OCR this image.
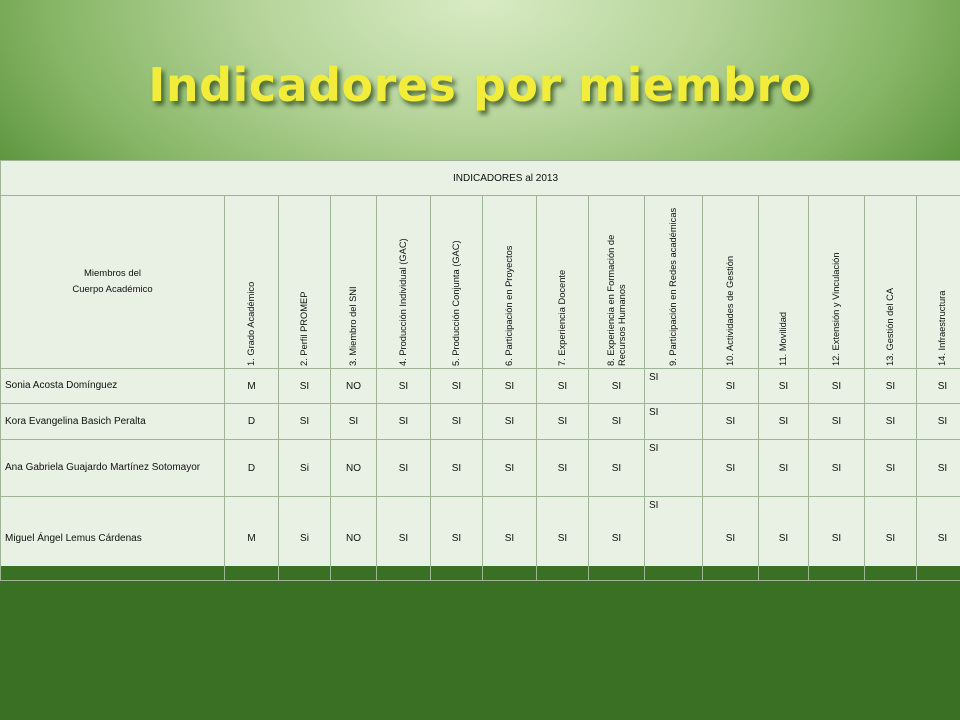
Indicadores por miembro
INDICADORES al 2013															

Miembros del
Cuerpo Académico	1. Grado Académico	2. Perfil PROMEP	3. Miembro del SNI	4. Producción Individual (GAC)	5. Producción Conjunta (GAC)	6. Participación en Proyectos	7. Experiencia Docente	8. Experiencia en Formación de Recursos Humanos	9. Participación en Redes académicas	10. Actividades de Gestión	11. Movilidad	12. Extensión y Vinculación	13. Gestión del CA	14. Infraestructura	

Sonia Acosta Domínguez	M	SI	NO	SI	SI	SI	SI	SI	SI	SI	SI	SI	SI	SI	
Kora Evangelina Basich Peralta	D	SI	SI	SI	SI	SI	SI	SI	SI	SI	SI	SI	SI	SI	
Ana Gabriela Guajardo Martínez Sotomayor	D	Si	NO	SI	SI	SI	SI	SI	SI	SI	SI	SI	SI	SI	
Miguel Ángel Lemus Cárdenas	M	Si	NO	SI	SI	SI	SI	SI	SI	SI	SI	SI	SI	SI	
